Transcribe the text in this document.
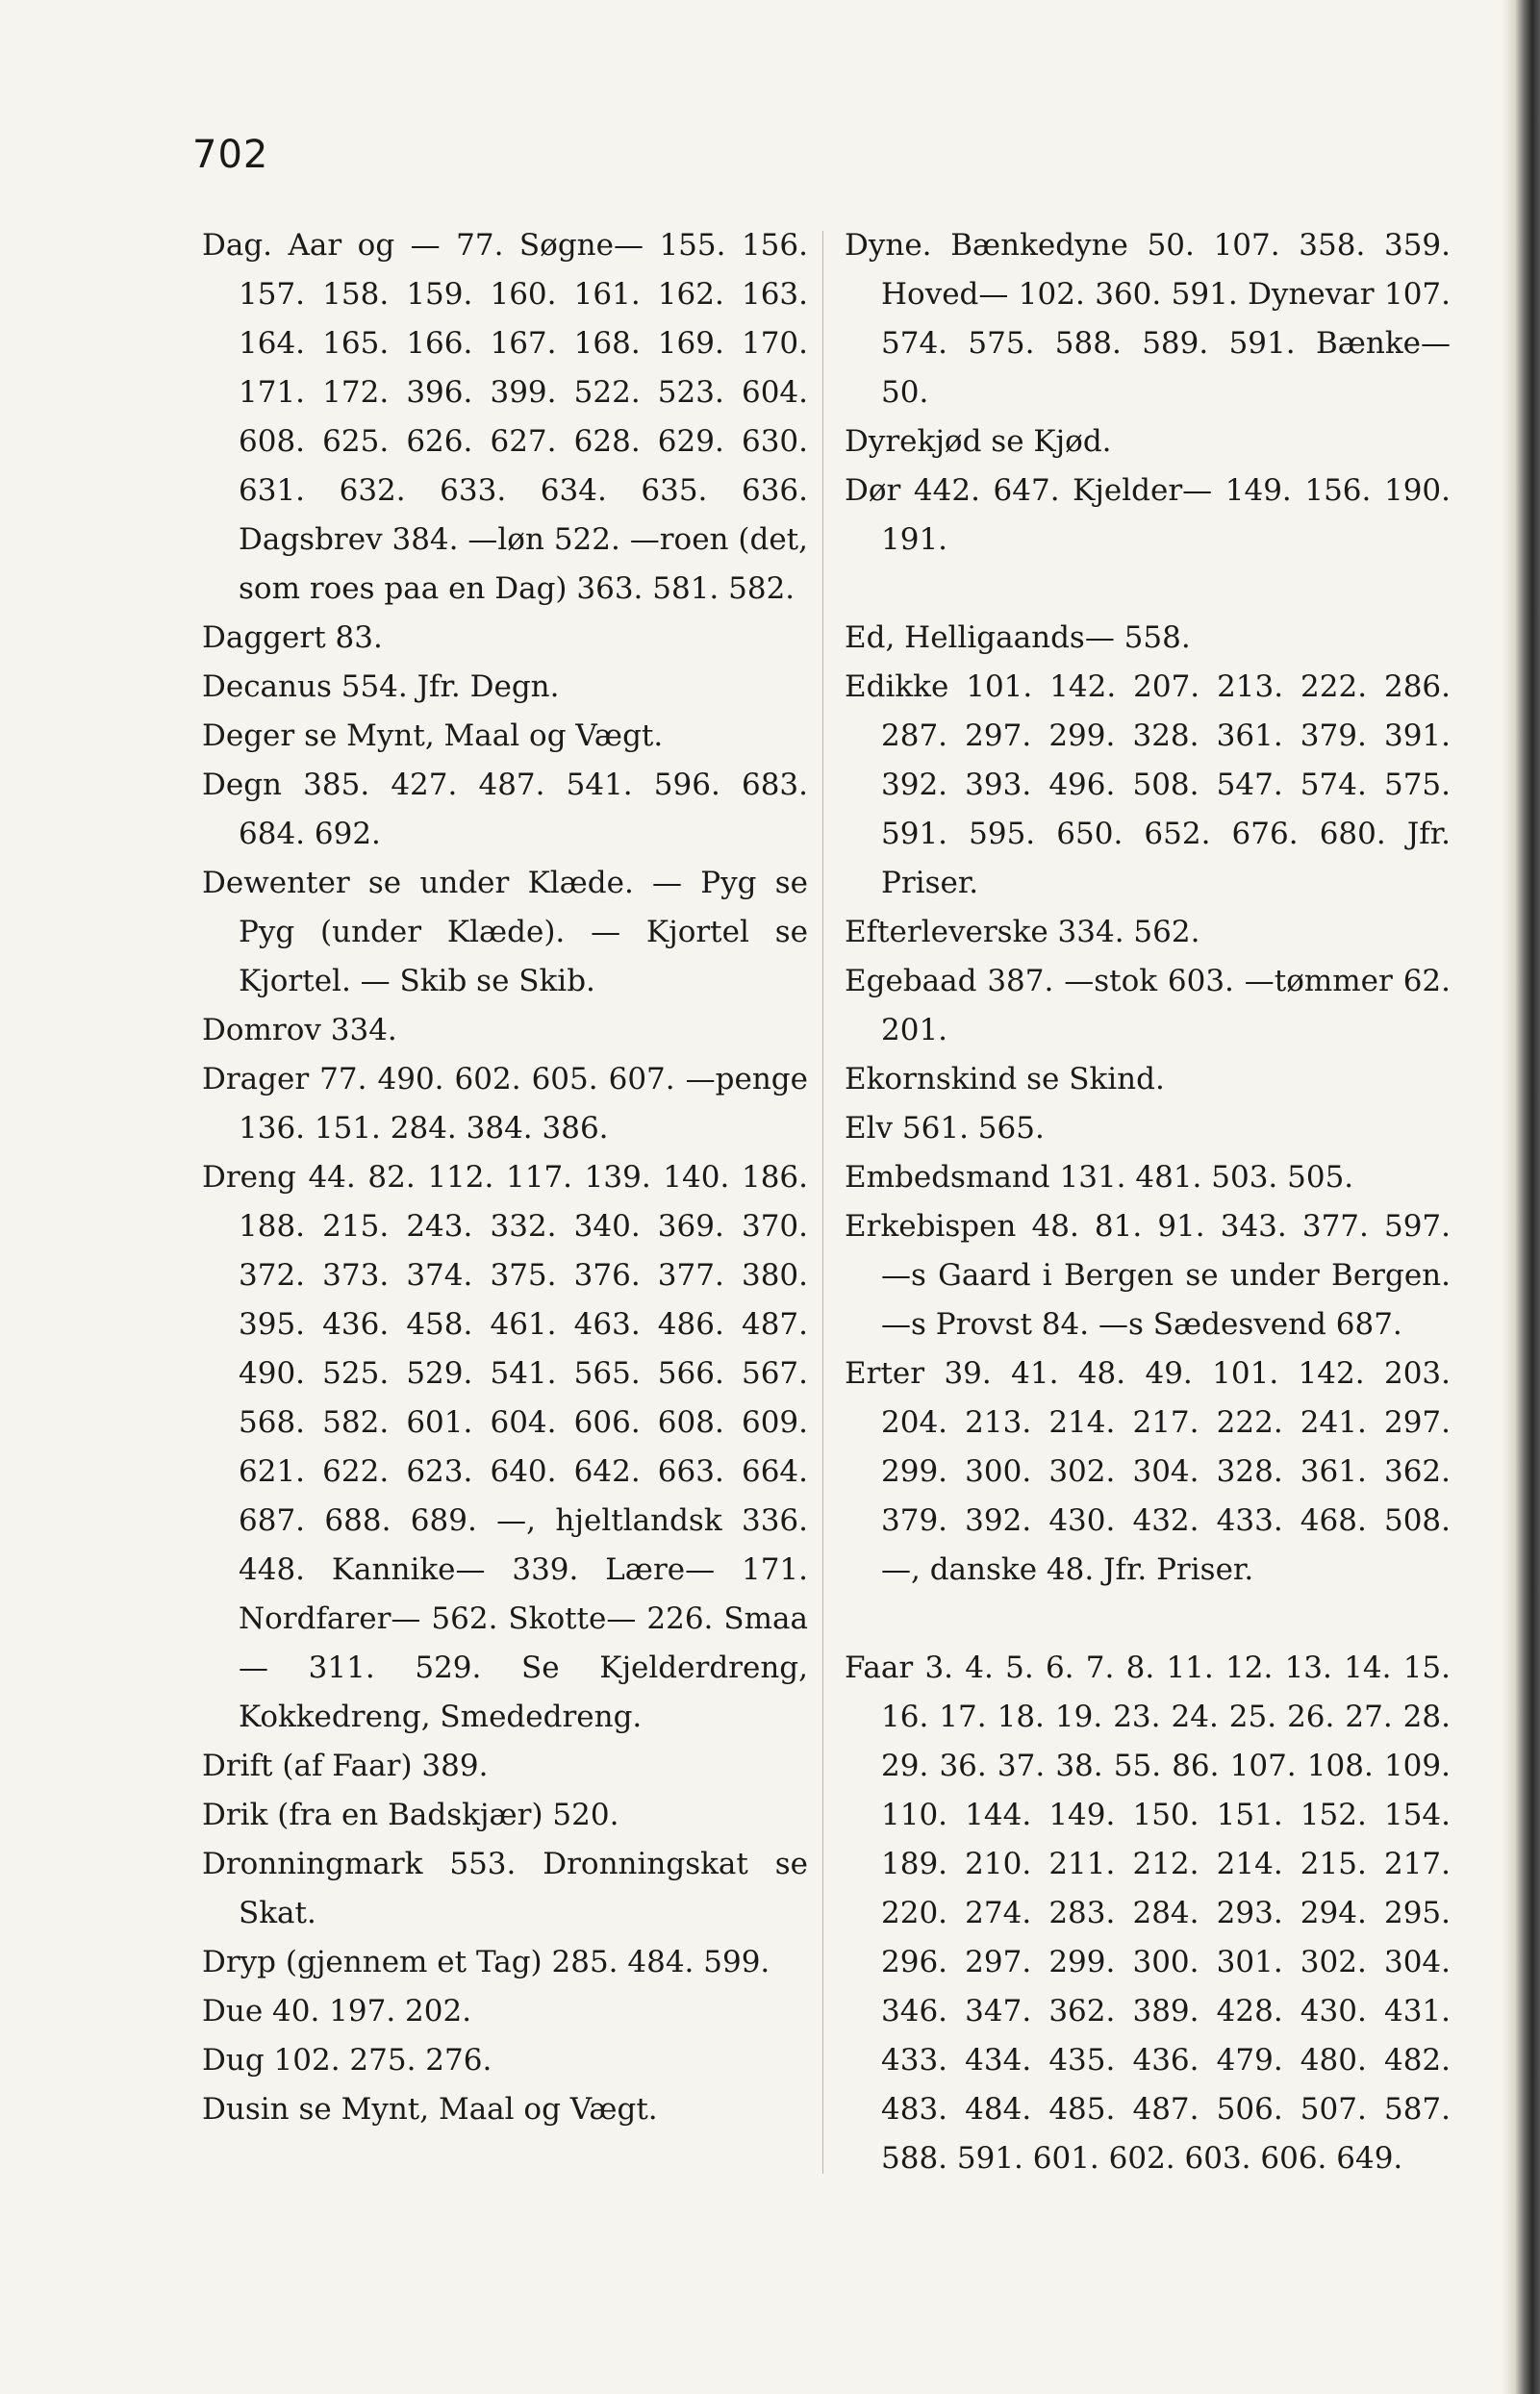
702

Dag. Aar og — 77. Søgne— 155. 156. 157. 158. 159. 160. 161. 162. 163. 164. 165. 166. 167. 168. 169. 170. 171. 172. 396. 399. 522. 523. 604. 608. 625. 626. 627. 628. 629. 630. 631. 632. 633. 634. 635. 636. Dagsbrev 384. —løn 522. —roen (det, som roes paa en Dag) 363. 581. 582.

Daggert 83.

Decanus 554. Jfr. Degn.

Deger se Mynt, Maal og Vægt.

Degn 385. 427. 487. 541. 596. 683. 684. 692.

Dewenter se under Klæde. — Pyg se Pyg (under Klæde). — Kjortel se Kjortel. — Skib se Skib.

Domrov 334.

Drager 77. 490. 602. 605. 607. —penge 136. 151. 284. 384. 386.

Dreng 44. 82. 112. 117. 139. 140. 186. 188. 215. 243. 332. 340. 369. 370. 372. 373. 374. 375. 376. 377. 380. 395. 436. 458. 461. 463. 486. 487. 490. 525. 529. 541. 565. 566. 567. 568. 582. 601. 604. 606. 608. 609. 621. 622. 623. 640. 642. 663. 664. 687. 688. 689. —, hjeltlandsk 336. 448. Kannike— 339. Lære— 171. Nordfarer— 562. Skotte— 226. Smaa— 311. 529. Se Kjelderdreng, Kokkedreng, Smededreng.

Drift (af Faar) 389.

Drik (fra en Badskjær) 520.

Dronningmark 553. Dronningskat se Skat.

Dryp (gjennem et Tag) 285. 484. 599.

Due 40. 197. 202.

Dug 102. 275. 276.

Dusin se Mynt, Maal og Vægt.

Dyne. Bænkedyne 50. 107. 358. 359. Hoved— 102. 360. 591. Dynevar 107. 574. 575. 588. 589. 591. Bænke— 50.

Dyrekjød se Kjød.

Dør 442. 647. Kjelder— 149. 156. 190. 191.

Ed, Helligaands— 558.

Edikke 101. 142. 207. 213. 222. 286. 287. 297. 299. 328. 361. 379. 391. 392. 393. 496. 508. 547. 574. 575. 591. 595. 650. 652. 676. 680. Jfr. Priser.

Efterleverske 334. 562.

Egebaad 387. —stok 603. —tømmer 62. 201.

Ekornskind se Skind.

Elv 561. 565.

Embedsmand 131. 481. 503. 505.

Erkebispen 48. 81. 91. 343. 377. 597. —s Gaard i Bergen se under Bergen. —s Provst 84. —s Sædesvend 687.

Erter 39. 41. 48. 49. 101. 142. 203. 204. 213. 214. 217. 222. 241. 297. 299. 300. 302. 304. 328. 361. 362. 379. 392. 430. 432. 433. 468. 508. —, danske 48. Jfr. Priser.

Faar 3. 4. 5. 6. 7. 8. 11. 12. 13. 14. 15. 16. 17. 18. 19. 23. 24. 25. 26. 27. 28. 29. 36. 37. 38. 55. 86. 107. 108. 109. 110. 144. 149. 150. 151. 152. 154. 189. 210. 211. 212. 214. 215. 217. 220. 274. 283. 284. 293. 294. 295. 296. 297. 299. 300. 301. 302. 304. 346. 347. 362. 389. 428. 430. 431. 433. 434. 435. 436. 479. 480. 482. 483. 484. 485. 487. 506. 507. 587. 588. 591. 601. 602. 603. 606. 649.
